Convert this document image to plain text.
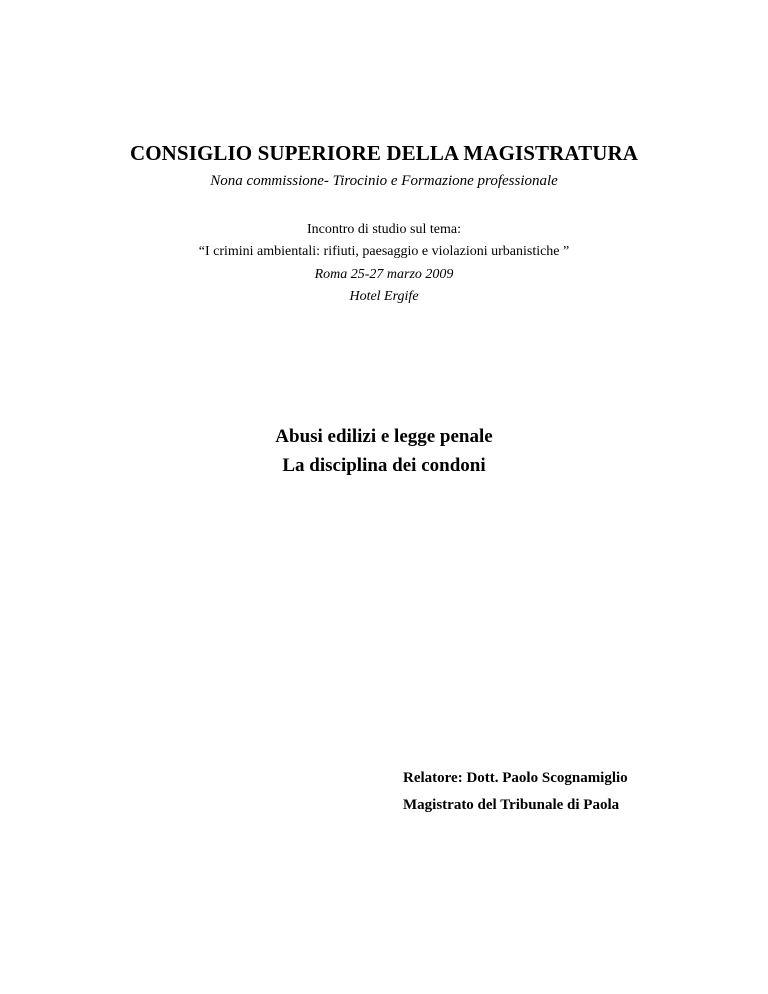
CONSIGLIO SUPERIORE DELLA MAGISTRATURA

Nona commissione- Tirocinio e Formazione professionale

Incontro di studio sul tema:

“I crimini ambientali: rifiuti, paesaggio e violazioni urbanistiche ”

Roma 25-27 marzo 2009

Hotel Ergife

Abusi edilizi e legge penale
La disciplina dei condoni

Relatore: Dott. Paolo Scognamiglio

Magistrato del Tribunale di Paola
